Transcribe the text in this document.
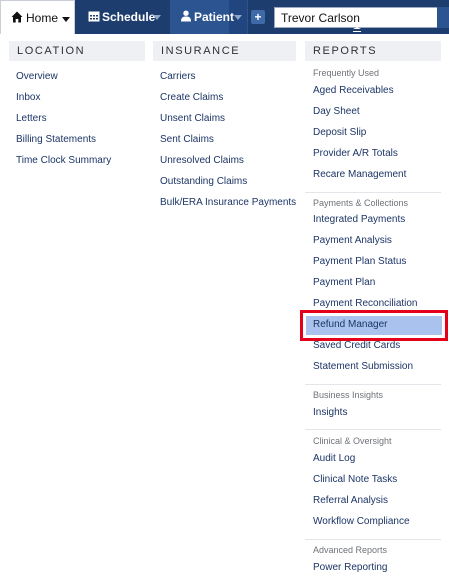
Home	Schedule	Patient +
Trevor Carlson
LOCATION
Overview
Inbox
Letters
Billing Statements
Time Clock Summary
INSURANCE
Carriers
Create Claims
Unsent Claims
Sent Claims
Unresolved Claims
Outstanding Claims
Bulk/ERA Insurance Payments
REPORTS
Frequently Used
Aged Receivables
Day Sheet
Deposit Slip
Provider A/R Totals
Recare Management
Payments & Collections
Integrated Payments
Payment Analysis
Payment Plan Status
Payment Plan
Payment Reconciliation
Refund Manager
Saved Credit Cards
Statement Submission
Business Insights
Insights
Clinical & Oversight
Audit Log
Clinical Note Tasks
Referral Analysis
Workflow Compliance
Advanced Reports
Power Reporting
